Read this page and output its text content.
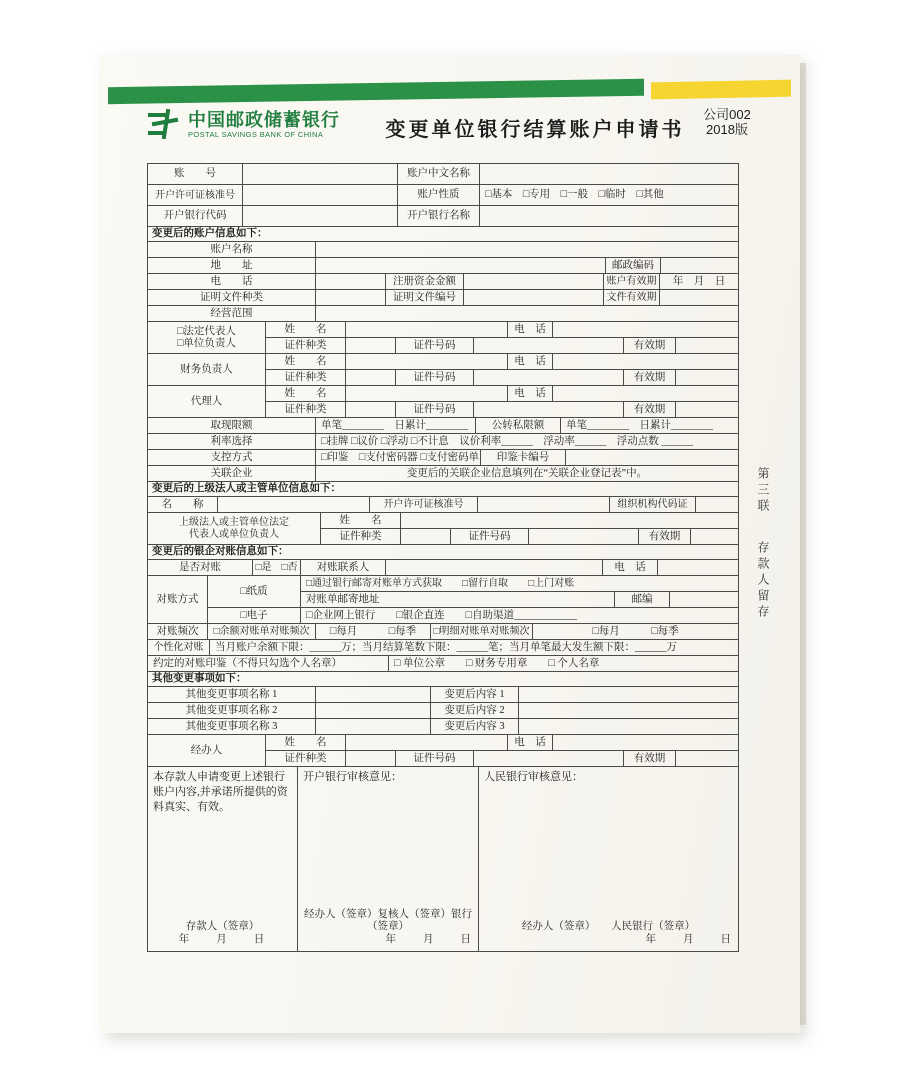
中国邮政储蓄银行
POSTAL SAVINGS BANK OF CHINA	变更单位银行结算账户申请书
公司002
2018版
账　　号	账户中文名称
开户许可证核准号	账户性质	□基本　□专用　□一般　□临时　□其他
开户银行代码	开户银行名称
变更后的账户信息如下：
账户名称
地　　址	邮政编码
电　　话	注册资金金额	账户有效期	年　月　日
证明文件种类	证明文件编号	文件有效期
经营范围
□法定代表人
□单位负责人
姓　　名	电　话
证件种类	证件号码	有效期
财务负责人
姓　　名	电　话
证件种类	证件号码	有效期
代理人
姓　　名	电　话
证件种类	证件号码	有效期
取现限额	单笔________　日累计________	公转私限额	单笔________　日累计________
利率选择	□挂牌 □议价 □浮动 □不计息　议价利率______　浮动率______　浮动点数 ______
支控方式	□印鉴　□支付密码器 □支付密码单	印鉴卡编号
关联企业	变更后的关联企业信息填列在“关联企业登记表”中。
变更后的上级法人或主管单位信息如下：
名　　称	开户许可证核准号	组织机构代码证
上级法人或主管单位法定
代表人或单位负责人
姓　　名
证件种类	证件号码	有效期
变更后的银企对账信息如下：
是否对账	□是　□否	对账联系人	电　话
对账方式
□纸质
□通过银行邮寄对账单方式获取　　□留行自取　　□上门对账
对账单邮寄地址	邮编
□电子	□企业网上银行　　□银企直连　　□自助渠道____________
对账频次	□余额对账单对账频次	□每月　　　□每季	□明细对账单对账频次	□每月　　　□每季
个性化对账	当月账户余额下限：______万；当月结算笔数下限：______笔；当月单笔最大发生额下限：______万
约定的对账印鉴（不得只勾选个人名章）	□ 单位公章　　□ 财务专用章　　□ 个人名章
其他变更事项如下：
其他变更事项名称 1	变更后内容 1
其他变更事项名称 2	变更后内容 2
其他变更事项名称 3	变更后内容 3
经办人
姓　　名	电　话
证件种类	证件号码	有效期
本存款人申请变更上述银行账户内容,并承诺所提供的资料真实、有效。
存款人（签章）
年　　月　　日
开户银行审核意见：
经办人（签章）复核人（签章）银行（签章）
年　　月　　日
人民银行审核意见：
经办人（签章）　　人民银行（签章）
年　　月　　日
第三联存款人留存
